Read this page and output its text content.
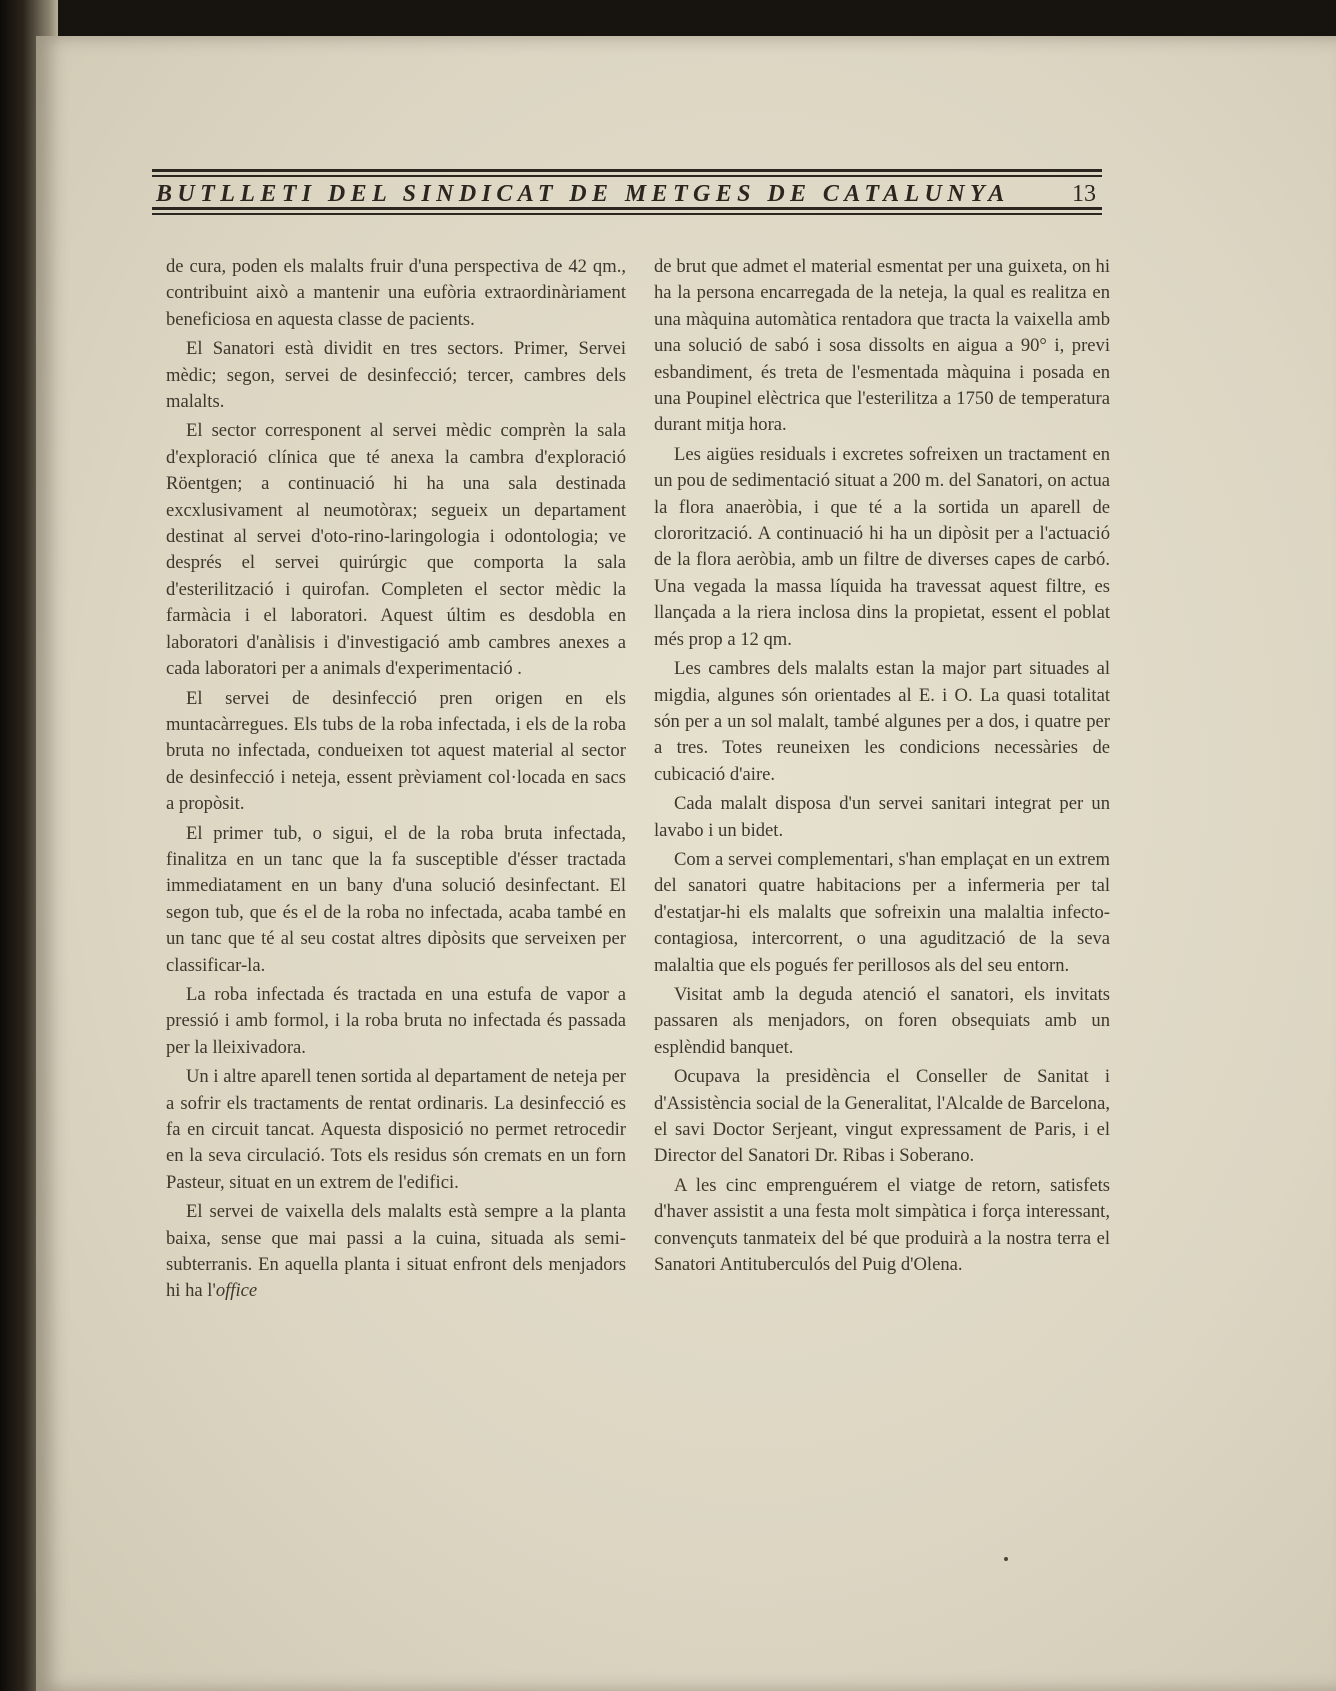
BUTLLETI DEL SINDICAT DE METGES DE CATALUNYA	13

de cura, poden els malalts fruir d'una perspectiva de 42 qm., contribuint això a mantenir una eufòria extraordinàriament beneficiosa en aquesta classe de pacients.

El Sanatori està dividit en tres sectors. Primer, Servei mèdic; segon, servei de desinfecció; tercer, cambres dels malalts.

El sector corresponent al servei mèdic comprèn la sala d'exploració clínica que té anexa la cambra d'exploració Röentgen; a continuació hi ha una sala destinada excxlusivament al neumotòrax; segueix un departament destinat al servei d'oto-rino-laringologia i odontologia; ve després el servei quirúrgic que comporta la sala d'esterilització i quirofan. Completen el sector mèdic la farmàcia i el laboratori. Aquest últim es desdobla en laboratori d'anàlisis i d'investigació amb cambres anexes a cada laboratori per a animals d'experimentació .

El servei de desinfecció pren origen en els muntacàrregues. Els tubs de la roba infectada, i els de la roba bruta no infectada, condueixen tot aquest material al sector de desinfecció i neteja, essent prèviament col·locada en sacs a propòsit.

El primer tub, o sigui, el de la roba bruta infectada, finalitza en un tanc que la fa susceptible d'ésser tractada immediatament en un bany d'una solució desinfectant. El segon tub, que és el de la roba no infectada, acaba també en un tanc que té al seu costat altres dipòsits que serveixen per classificar-la.

La roba infectada és tractada en una estufa de vapor a pressió i amb formol, i la roba bruta no infectada és passada per la lleixivadora.

Un i altre aparell tenen sortida al departament de neteja per a sofrir els tractaments de rentat ordinaris. La desinfecció es fa en circuit tancat. Aquesta disposició no permet retrocedir en la seva circulació. Tots els residus són cremats en un forn Pasteur, situat en un extrem de l'edifici.

El servei de vaixella dels malalts està sempre a la planta baixa, sense que mai passi a la cuina, situada als semi-subterranis. En aquella planta i situat enfront dels menjadors hi ha l'office

de brut que admet el material esmentat per una guixeta, on hi ha la persona encarregada de la neteja, la qual es realitza en una màquina automàtica rentadora que tracta la vaixella amb una solució de sabó i sosa dissolts en aigua a 90° i, previ esbandiment, és treta de l'esmentada màquina i posada en una Poupinel elèctrica que l'esterilitza a 1750 de temperatura durant mitja hora.

Les aigües residuals i excretes sofreixen un tractament en un pou de sedimentació situat a 200 m. del Sanatori, on actua la flora anaeròbia, i que té a la sortida un aparell de clororització. A continuació hi ha un dipòsit per a l'actuació de la flora aeròbia, amb un filtre de diverses capes de carbó. Una vegada la massa líquida ha travessat aquest filtre, es llançada a la riera inclosa dins la propietat, essent el poblat més prop a 12 qm.

Les cambres dels malalts estan la major part situades al migdia, algunes són orientades al E. i O. La quasi totalitat són per a un sol malalt, també algunes per a dos, i quatre per a tres. Totes reuneixen les condicions necessàries de cubicació d'aire.

Cada malalt disposa d'un servei sanitari integrat per un lavabo i un bidet.

Com a servei complementari, s'han emplaçat en un extrem del sanatori quatre habitacions per a infermeria per tal d'estatjar-hi els malalts que sofreixin una malaltia infecto-contagiosa, intercorrent, o una agudització de la seva malaltia que els pogués fer perillosos als del seu entorn.

Visitat amb la deguda atenció el sanatori, els invitats passaren als menjadors, on foren obsequiats amb un esplèndid banquet.

Ocupava la presidència el Conseller de Sanitat i d'Assistència social de la Generalitat, l'Alcalde de Barcelona, el savi Doctor Serjeant, vingut expressament de Paris, i el Director del Sanatori Dr. Ribas i Soberano.

A les cinc emprenguérem el viatge de retorn, satisfets d'haver assistit a una festa molt simpàtica i força interessant, convençuts tanmateix del bé que produirà a la nostra terra el Sanatori Antituberculós del Puig d'Olena.
